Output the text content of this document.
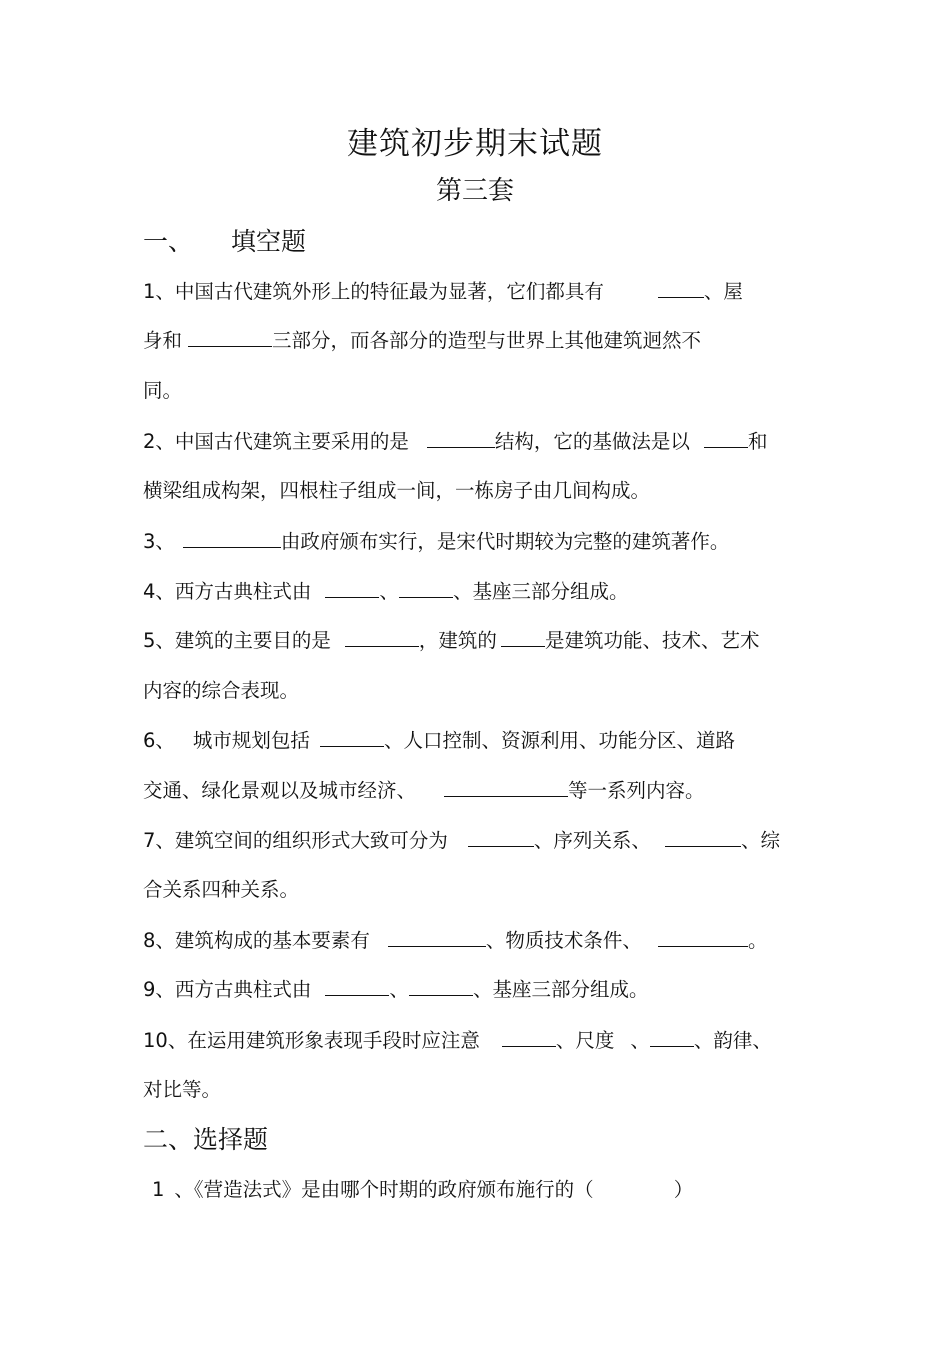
建筑初步期末试题
第三套
一、 填空题
1、中国古代建筑外形上的特征最为显著，它们都具有	、屋
身和	三部分，而各部分的造型与世界上其他建筑迥然不
同。
2、中国古代建筑主要采用的是	结构，它的基做法是以	和
横梁组成构架，四根柱子组成一间，一栋房子由几间构成。
3、	由政府颁布实行，是宋代时期较为完整的建筑著作。
4、西方古典柱式由	、	、基座三部分组成。
5、建筑的主要目的是	，建筑的 是建筑功能、技术、艺术
内容的综合表现。
6、 城市规划包括	、人口控制、资源利用、功能分区、道路
交通、绿化景观以及城市经济、	等一系列内容。
7、建筑空间的组织形式大致可分为	、序列关系、	、综
合关系四种关系。
8、建筑构成的基本要素有	、物质技术条件、	。
9、西方古典柱式由	、	、基座三部分组成。
10、在运用建筑形象表现手段时应注意	、尺度 、 、韵律、
对比等。
二、选择题
1 、《营造法式》是由哪个时期的政府颁布施行的（	）
